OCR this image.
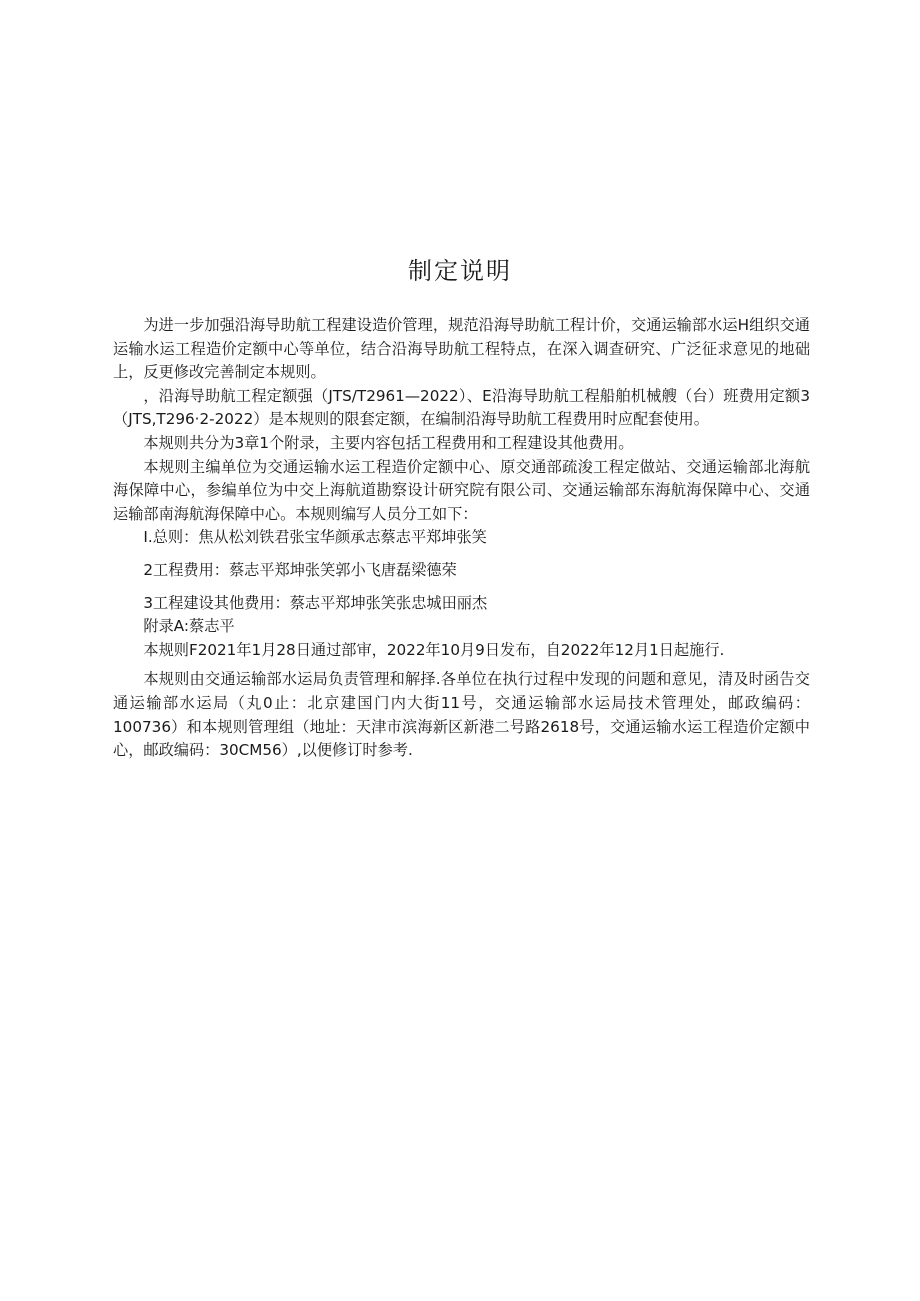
制定说明

为进一步加强沿海导助航工程建设造价管理，规范沿海导助航工程计价，交通运输部水运H组织交通运输水运工程造价定额中心等单位，结合沿海导助航工程特点，在深入调查研究、广泛征求意见的地础上，反更修改完善制定本规则。

，沿海导助航工程定额强（JTS/T2961—2022）、E沿海导助航工程船舶机械艘（台）班费用定额3（JTS,T296·2-2022）是本规则的限套定额，在编制沿海导助航工程费用时应配套使用。

本规则共分为3章1个附录，主要内容包括工程费用和工程建设其他费用。

本规则主编单位为交通运输水运工程造价定额中心、原交通部疏浚工程定做站、交通运输部北海航海保障中心，参编单位为中交上海航道勘察设计研究院有限公司、交通运输部东海航海保障中心、交通运输部南海航海保障中心。本规则编写人员分工如下：

I.总则：焦从松刘铁君张宝华颜承志蔡志平郑坤张笑

2工程费用：蔡志平郑坤张笑郭小飞唐磊梁德荣

3工程建设其他费用：蔡志平郑坤张笑张忠城田丽杰

附录A:蔡志平

本规则F2021年1月28日通过部审，2022年10月9日发布，自2022年12月1日起施行.

本规则由交通运输部水运局负责管理和解择.各单位在执行过程中发现的问题和意见，清及时函告交通运输部水运局（丸0止：北京建国门内大街11号，交通运输部水运局技术管理处，邮政编码：100736）和本规则管理组（地址：天津市滨海新区新港二号路2618号，交通运输水运工程造价定额中心，邮政编码：30CM56）,以便修订时参考.
